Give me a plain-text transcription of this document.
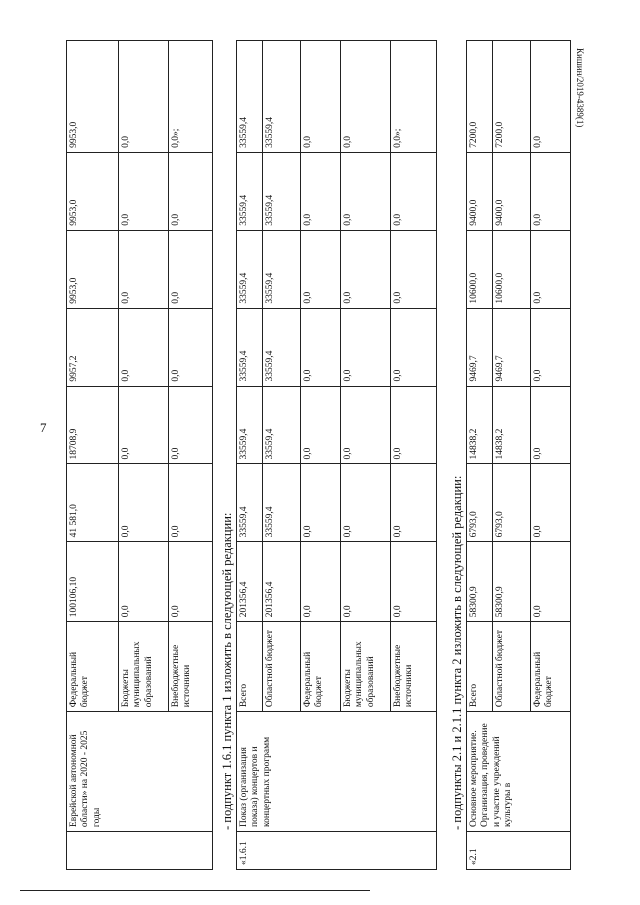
7
Кишин/2019-4389(1)
	Еврейской автономной области» на 2020 - 2025 годы	Федеральный бюджет	100106,10	41 581,0	18708,9	9957,2	9953,0	9953,0	9953,0
		Бюджеты муниципальных образований	0,0	0,0	0,0	0,0	0,0	0,0	0,0
		Внебюджетные источники	0,0	0,0	0,0	0,0	0,0	0,0	0,0»;
- подпункт 1.6.1 пункта 1 изложить в следующей редакции:
«1.6.1	Показ (организация показа) концертов и концертных программ	Всего	201356,4	33559,4	33559,4	33559,4	33559,4	33559,4	33559,4
		Областной бюджет	201356,4	33559,4	33559,4	33559,4	33559,4	33559,4	33559,4
		Федеральный бюджет	0,0	0,0	0,0	0,0	0,0	0,0	0,0
		Бюджеты муниципальных образований	0,0	0,0	0,0	0,0	0,0	0,0	0,0
		Внебюджетные источники	0,0	0,0	0,0	0,0	0,0	0,0	0,0»;
- подпункты 2.1 и 2.1.1 пункта 2 изложить в следующей редакции:
«2.1	Основное мероприятие. Организация, проведение и участие учреждений культуры в	Всего	58300,9	6793,0	14838,2	9469,7	10600,0	9400,0	7200,0
		Областной бюджет	58300,9	6793,0	14838,2	9469,7	10600,0	9400,0	7200,0
		Федеральный бюджет	0,0	0,0	0,0	0,0	0,0	0,0	0,0
